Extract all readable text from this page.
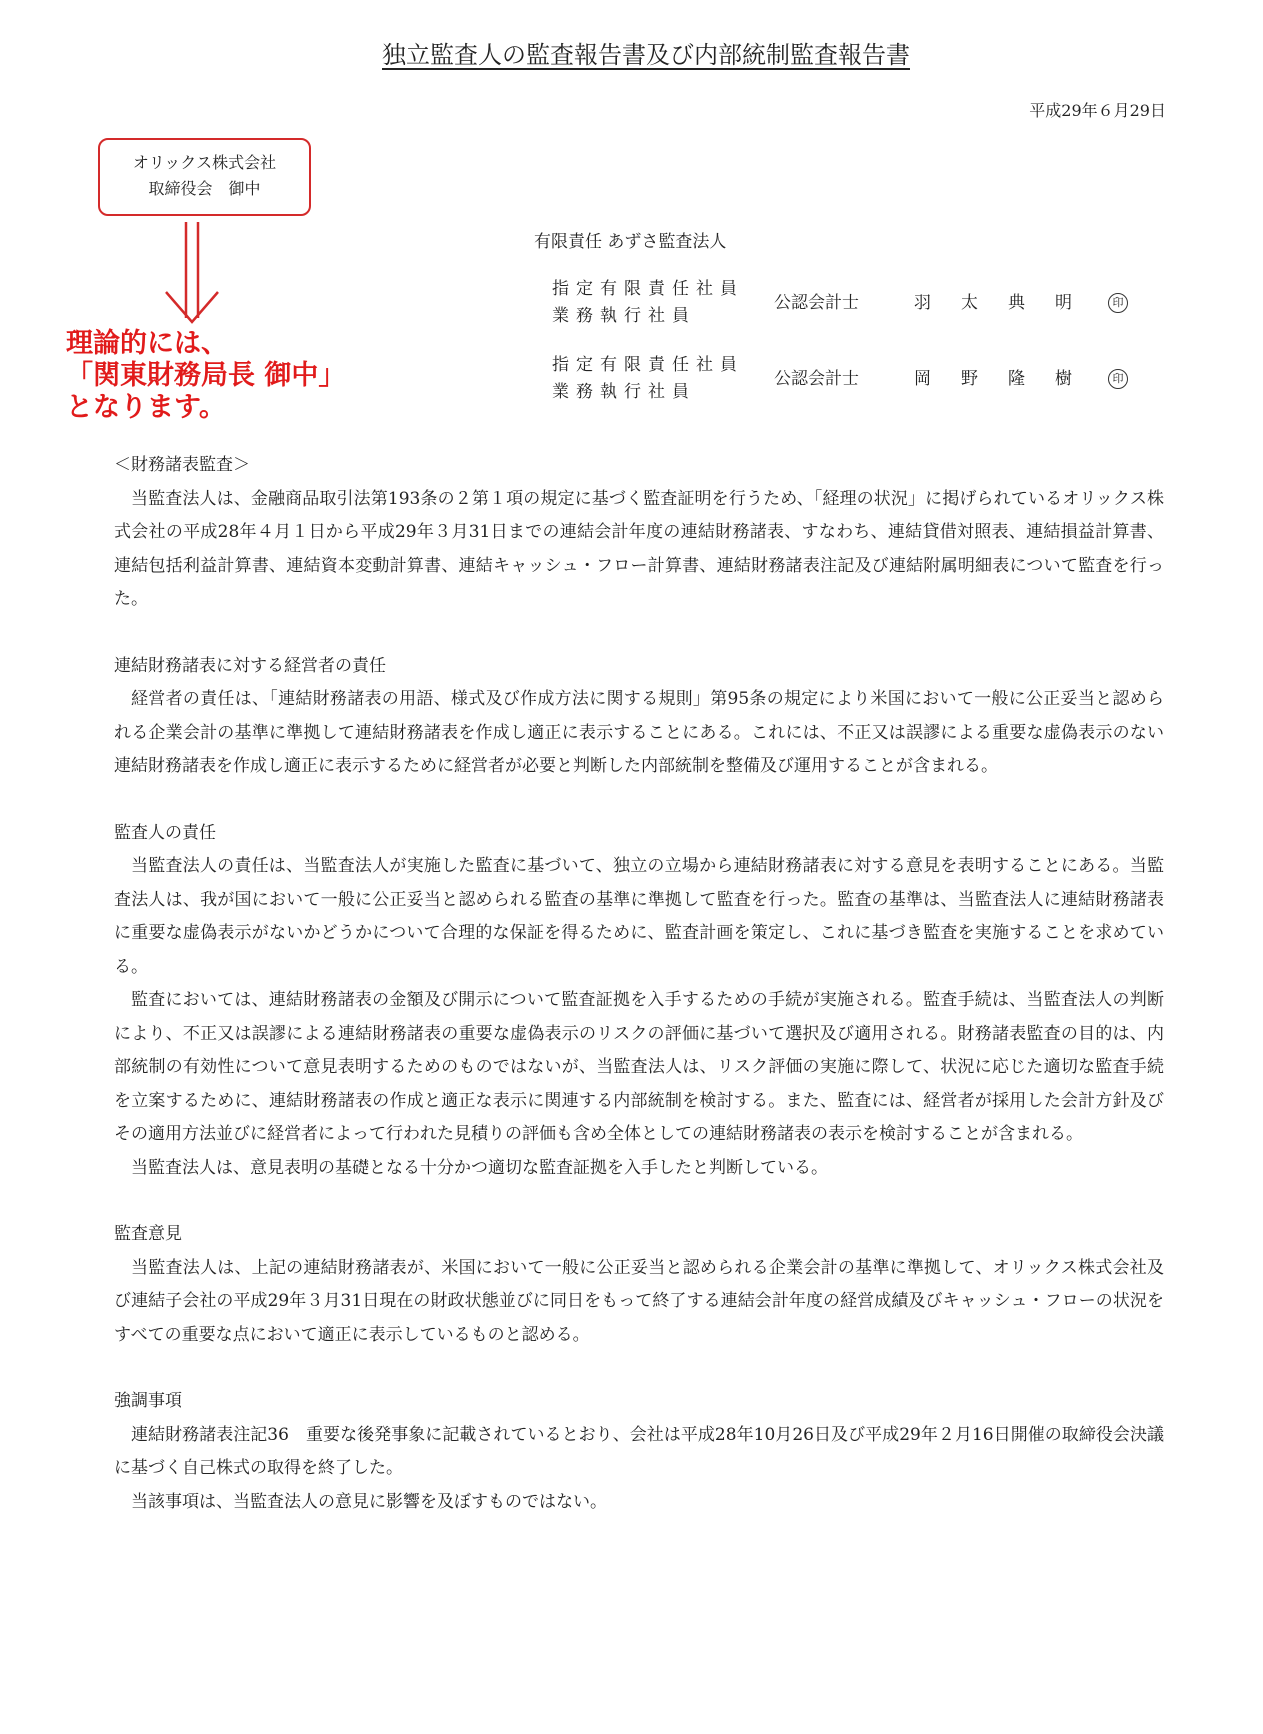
独立監査人の監査報告書及び内部統制監査報告書
平成29年６月29日
オリックス株式会社
取締役会　御中
理論的には、
「関東財務局長 御中」
となります。
有限責任 あずさ監査法人
指定有限責任社員
業務執行社員
公認会計士	羽太典明 印
指定有限責任社員
業務執行社員
公認会計士	岡野隆樹 印

＜財務諸表監査＞

当監査法人は、金融商品取引法第193条の２第１項の規定に基づく監査証明を行うため、「経理の状況」に掲げられているオリックス株式会社の平成28年４月１日から平成29年３月31日までの連結会計年度の連結財務諸表、すなわち、連結貸借対照表、連結損益計算書、連結包括利益計算書、連結資本変動計算書、連結キャッシュ・フロー計算書、連結財務諸表注記及び連結附属明細表について監査を行った。

連結財務諸表に対する経営者の責任

経営者の責任は、「連結財務諸表の用語、様式及び作成方法に関する規則」第95条の規定により米国において一般に公正妥当と認められる企業会計の基準に準拠して連結財務諸表を作成し適正に表示することにある。これには、不正又は誤謬による重要な虚偽表示のない連結財務諸表を作成し適正に表示するために経営者が必要と判断した内部統制を整備及び運用することが含まれる。

監査人の責任

当監査法人の責任は、当監査法人が実施した監査に基づいて、独立の立場から連結財務諸表に対する意見を表明することにある。当監査法人は、我が国において一般に公正妥当と認められる監査の基準に準拠して監査を行った。監査の基準は、当監査法人に連結財務諸表に重要な虚偽表示がないかどうかについて合理的な保証を得るために、監査計画を策定し、これに基づき監査を実施することを求めている。

監査においては、連結財務諸表の金額及び開示について監査証拠を入手するための手続が実施される。監査手続は、当監査法人の判断により、不正又は誤謬による連結財務諸表の重要な虚偽表示のリスクの評価に基づいて選択及び適用される。財務諸表監査の目的は、内部統制の有効性について意見表明するためのものではないが、当監査法人は、リスク評価の実施に際して、状況に応じた適切な監査手続を立案するために、連結財務諸表の作成と適正な表示に関連する内部統制を検討する。また、監査には、経営者が採用した会計方針及びその適用方法並びに経営者によって行われた見積りの評価も含め全体としての連結財務諸表の表示を検討することが含まれる。

当監査法人は、意見表明の基礎となる十分かつ適切な監査証拠を入手したと判断している。

監査意見

当監査法人は、上記の連結財務諸表が、米国において一般に公正妥当と認められる企業会計の基準に準拠して、オリックス株式会社及び連結子会社の平成29年３月31日現在の財政状態並びに同日をもって終了する連結会計年度の経営成績及びキャッシュ・フローの状況をすべての重要な点において適正に表示しているものと認める。

強調事項

連結財務諸表注記36　重要な後発事象に記載されているとおり、会社は平成28年10月26日及び平成29年２月16日開催の取締役会決議に基づく自己株式の取得を終了した。

当該事項は、当監査法人の意見に影響を及ぼすものではない。
